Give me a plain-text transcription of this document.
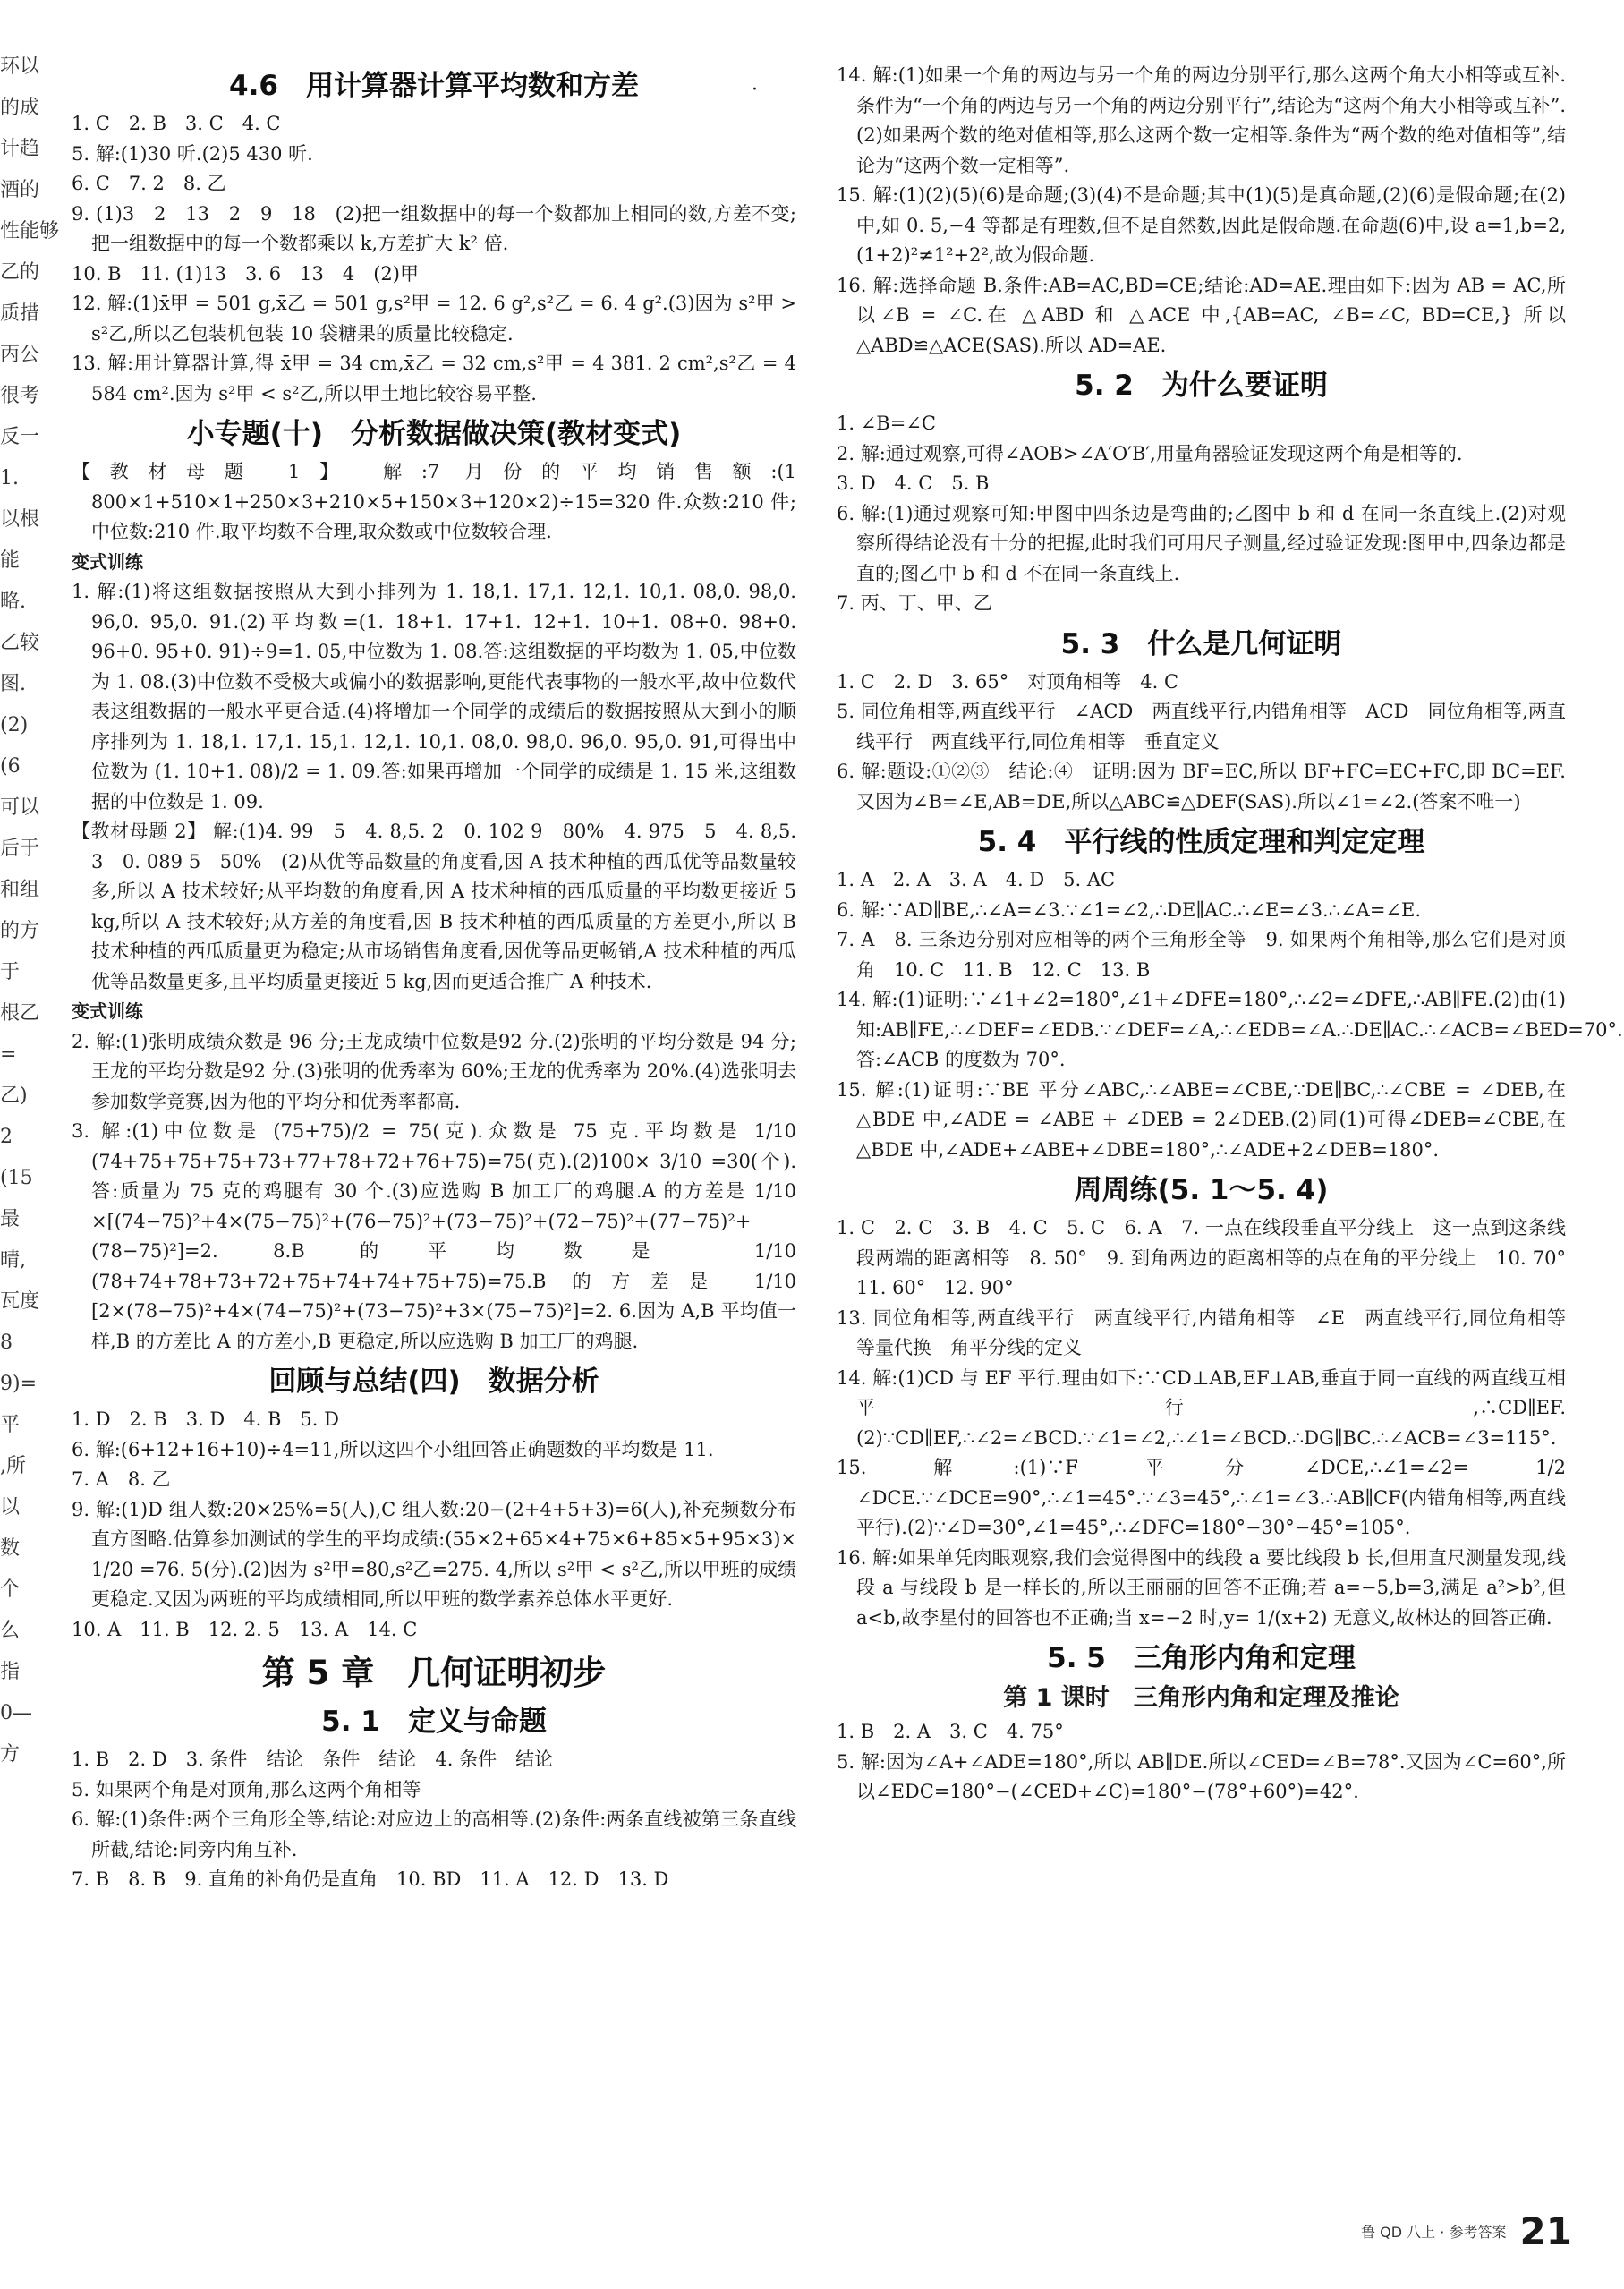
环以
的成
计趋
酒的
性能够
乙的
质措
丙公
很考
反一
1.
以根
能
略.
乙较
图.
(2)
(6
可以
后于
和组
的方
于
根乙
=
乙)
2
(15
最
晴,
瓦度
8
9)=
平
,所
以
数
个
么
指
0—
方
·
4.6　用计算器计算平均数和方差

1. C　2. B　3. C　4. C

5. 解:(1)30 听.(2)5 430 听.

6. C　7. 2　8. 乙

9. (1)3　2　13　2　9　18　(2)把一组数据中的每一个数都加上相同的数,方差不变;把一组数据中的每一个数都乘以 k,方差扩大 k² 倍.

10. B　11. (1)13　3. 6　13　4　(2)甲

12. 解:(1)x̄甲 = 501 g,x̄乙 = 501 g,s²甲 = 12. 6 g²,s²乙 = 6. 4 g².(3)因为 s²甲 > s²乙,所以乙包装机包装 10 袋糖果的质量比较稳定.

13. 解:用计算器计算,得 x̄甲 = 34 cm,x̄乙 = 32 cm,s²甲 = 4 381. 2 cm²,s²乙 = 4 584 cm².因为 s²甲 < s²乙,所以甲土地比较容易平整.

小专题(十)　分析数据做决策(教材变式)

【教材母题 1】 解:7 月份的平均销售额:(1 800×1+510×1+250×3+210×5+150×3+120×2)÷15=320 件.众数:210 件;中位数:210 件.取平均数不合理,取众数或中位数较合理.

变式训练

1. 解:(1)将这组数据按照从大到小排列为 1. 18,1. 17,1. 12,1. 10,1. 08,0. 98,0. 96,0. 95,0. 91.(2)平均数=(1. 18+1. 17+1. 12+1. 10+1. 08+0. 98+0. 96+0. 95+0. 91)÷9=1. 05,中位数为 1. 08.答:这组数据的平均数为 1. 05,中位数为 1. 08.(3)中位数不受极大或偏小的数据影响,更能代表事物的一般水平,故中位数代表这组数据的一般水平更合适.(4)将增加一个同学的成绩后的数据按照从大到小的顺序排列为 1. 18,1. 17,1. 15,1. 12,1. 10,1. 08,0. 98,0. 96,0. 95,0. 91,可得出中位数为 (1. 10+1. 08)/2 = 1. 09.答:如果再增加一个同学的成绩是 1. 15 米,这组数据的中位数是 1. 09.

【教材母题 2】 解:(1)4. 99　5　4. 8,5. 2　0. 102 9　80%　4. 975　5　4. 8,5. 3　0. 089 5　50%　(2)从优等品数量的角度看,因 A 技术种植的西瓜优等品数量较多,所以 A 技术较好;从平均数的角度看,因 A 技术种植的西瓜质量的平均数更接近 5 kg,所以 A 技术较好;从方差的角度看,因 B 技术种植的西瓜质量的方差更小,所以 B 技术种植的西瓜质量更为稳定;从市场销售角度看,因优等品更畅销,A 技术种植的西瓜优等品数量更多,且平均质量更接近 5 kg,因而更适合推广 A 种技术.

变式训练

2. 解:(1)张明成绩众数是 96 分;王龙成绩中位数是92 分.(2)张明的平均分数是 94 分;王龙的平均分数是92 分.(3)张明的优秀率为 60%;王龙的优秀率为 20%.(4)选张明去参加数学竞赛,因为他的平均分和优秀率都高.

3. 解:(1)中位数是 (75+75)/2 = 75(克).众数是 75 克.平均数是 1/10 (74+75+75+75+73+77+78+72+76+75)=75(克).(2)100× 3/10 =30(个).答:质量为 75 克的鸡腿有 30 个.(3)应选购 B 加工厂的鸡腿.A 的方差是 1/10 ×[(74−75)²+4×(75−75)²+(76−75)²+(73−75)²+(72−75)²+(77−75)²+(78−75)²]=2. 8.B 的平均数是 1/10 (78+74+78+73+72+75+74+74+75+75)=75.B 的方差是 1/10 [2×(78−75)²+4×(74−75)²+(73−75)²+3×(75−75)²]=2. 6.因为 A,B 平均值一样,B 的方差比 A 的方差小,B 更稳定,所以应选购 B 加工厂的鸡腿.

回顾与总结(四)　数据分析

1. D　2. B　3. D　4. B　5. D

6. 解:(6+12+16+10)÷4=11,所以这四个小组回答正确题数的平均数是 11.

7. A　8. 乙

9. 解:(1)D 组人数:20×25%=5(人),C 组人数:20−(2+4+5+3)=6(人),补充频数分布直方图略.估算参加测试的学生的平均成绩:(55×2+65×4+75×6+85×5+95×3)× 1/20 =76. 5(分).(2)因为 s²甲=80,s²乙=275. 4,所以 s²甲 < s²乙,所以甲班的成绩更稳定.又因为两班的平均成绩相同,所以甲班的数学素养总体水平更好.

10. A　11. B　12. 2. 5　13. A　14. C

第 5 章　几何证明初步
5. 1　定义与命题

1. B　2. D　3. 条件　结论　条件　结论　4. 条件　结论

5. 如果两个角是对顶角,那么这两个角相等

6. 解:(1)条件:两个三角形全等,结论:对应边上的高相等.(2)条件:两条直线被第三条直线所截,结论:同旁内角互补.

7. B　8. B　9. 直角的补角仍是直角　10. BD　11. A　12. D　13. D

14. 解:(1)如果一个角的两边与另一个角的两边分别平行,那么这两个角大小相等或互补.条件为“一个角的两边与另一个角的两边分别平行”,结论为“这两个角大小相等或互补”.(2)如果两个数的绝对值相等,那么这两个数一定相等.条件为“两个数的绝对值相等”,结论为“这两个数一定相等”.

15. 解:(1)(2)(5)(6)是命题;(3)(4)不是命题;其中(1)(5)是真命题,(2)(6)是假命题;在(2)中,如 0. 5,−4 等都是有理数,但不是自然数,因此是假命题.在命题(6)中,设 a=1,b=2,(1+2)²≠1²+2²,故为假命题.

16. 解:选择命题 B.条件:AB=AC,BD=CE;结论:AD=AE.理由如下:因为 AB = AC,所以∠B = ∠C.在 △ABD 和 △ACE 中,{AB=AC, ∠B=∠C, BD=CE,} 所以△ABD≌△ACE(SAS).所以 AD=AE.

5. 2　为什么要证明

1. ∠B=∠C

2. 解:通过观察,可得∠AOB>∠A′O′B′,用量角器验证发现这两个角是相等的.

3. D　4. C　5. B

6. 解:(1)通过观察可知:甲图中四条边是弯曲的;乙图中 b 和 d 在同一条直线上.(2)对观察所得结论没有十分的把握,此时我们可用尺子测量,经过验证发现:图甲中,四条边都是直的;图乙中 b 和 d 不在同一条直线上.

7. 丙、丁、甲、乙

5. 3　什么是几何证明

1. C　2. D　3. 65°　对顶角相等　4. C

5. 同位角相等,两直线平行　∠ACD　两直线平行,内错角相等　ACD　同位角相等,两直线平行　两直线平行,同位角相等　垂直定义

6. 解:题设:①②③　结论:④　证明:因为 BF=EC,所以 BF+FC=EC+FC,即 BC=EF.又因为∠B=∠E,AB=DE,所以△ABC≌△DEF(SAS).所以∠1=∠2.(答案不唯一)

5. 4　平行线的性质定理和判定定理

1. A　2. A　3. A　4. D　5. AC

6. 解:∵AD∥BE,∴∠A=∠3.∵∠1=∠2,∴DE∥AC.∴∠E=∠3.∴∠A=∠E.

7. A　8. 三条边分别对应相等的两个三角形全等　9. 如果两个角相等,那么它们是对顶角　10. C　11. B　12. C　13. B

14. 解:(1)证明:∵∠1+∠2=180°,∠1+∠DFE=180°,∴∠2=∠DFE,∴AB∥FE.(2)由(1)知:AB∥FE,∴∠DEF=∠EDB.∵∠DEF=∠A,∴∠EDB=∠A.∴DE∥AC.∴∠ACB=∠BED=70°.答:∠ACB 的度数为 70°.

15. 解:(1)证明:∵BE 平分∠ABC,∴∠ABE=∠CBE,∵DE∥BC,∴∠CBE = ∠DEB,在 △BDE 中,∠ADE = ∠ABE + ∠DEB = 2∠DEB.(2)同(1)可得∠DEB=∠CBE,在△BDE 中,∠ADE+∠ABE+∠DBE=180°,∴∠ADE+2∠DEB=180°.

周周练(5. 1～5. 4)

1. C　2. C　3. B　4. C　5. C　6. A　7. 一点在线段垂直平分线上　这一点到这条线段两端的距离相等　8. 50°　9. 到角两边的距离相等的点在角的平分线上　10. 70°　11. 60°　12. 90°

13. 同位角相等,两直线平行　两直线平行,内错角相等　∠E　两直线平行,同位角相等　等量代换　角平分线的定义

14. 解:(1)CD 与 EF 平行.理由如下:∵CD⊥AB,EF⊥AB,垂直于同一直线的两直线互相平行,∴CD∥EF.(2)∵CD∥EF,∴∠2=∠BCD.∵∠1=∠2,∴∠1=∠BCD.∴DG∥BC.∴∠ACB=∠3=115°.

15. 解:(1)∵F 平分∠DCE,∴∠1=∠2= 1/2 ∠DCE.∵∠DCE=90°,∴∠1=45°.∵∠3=45°,∴∠1=∠3.∴AB∥CF(内错角相等,两直线平行).(2)∵∠D=30°,∠1=45°,∴∠DFC=180°−30°−45°=105°.

16. 解:如果单凭肉眼观察,我们会觉得图中的线段 a 要比线段 b 长,但用直尺测量发现,线段 a 与线段 b 是一样长的,所以王丽丽的回答不正确;若 a=−5,b=3,满足 a²>b²,但 a<b,故李星付的回答也不正确;当 x=−2 时,y= 1/(x+2) 无意义,故林达的回答正确.

5. 5　三角形内角和定理
第 1 课时　三角形内角和定理及推论

1. B　2. A　3. C　4. 75°

5. 解:因为∠A+∠ADE=180°,所以 AB∥DE.所以∠CED=∠B=78°.又因为∠C=60°,所以∠EDC=180°−(∠CED+∠C)=180°−(78°+60°)=42°.

鲁 QD 八上 · 参考答案 21
